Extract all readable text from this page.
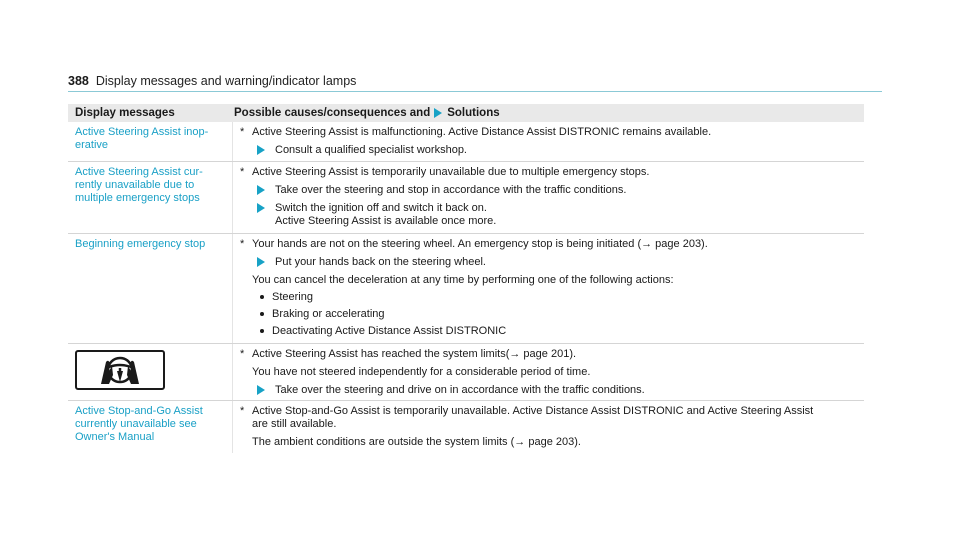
388 Display messages and warning/indicator lamps
Display messages	Possible causes/consequences and Solutions
Active Steering Assist inop-
erative
* Active Steering Assist is malfunctioning. Active Distance Assist DISTRONIC remains available.
Consult a qualified specialist workshop.
Active Steering Assist cur-
rently unavailable due to
multiple emergency stops
* Active Steering Assist is temporarily unavailable due to multiple emergency stops.
Take over the steering and stop in accordance with the traffic conditions.
Switch the ignition off and switch it back on.
Active Steering Assist is available once more.
Beginning emergency stop	* Your hands are not on the steering wheel. An emergency stop is being initiated (→ page 203).
Put your hands back on the steering wheel.
You can cancel the deceleration at any time by performing one of the following actions:
Steering
Braking or accelerating
Deactivating Active Distance Assist DISTRONIC
* Active Steering Assist has reached the system limits(→ page 201).
You have not steered independently for a considerable period of time.
Take over the steering and drive on in accordance with the traffic conditions.
Active Stop-and-Go Assist
currently unavailable see
Owner's Manual
* Active Stop-and-Go Assist is temporarily unavailable. Active Distance Assist DISTRONIC and Active Steering Assist
are still available.
The ambient conditions are outside the system limits (→ page 203).
